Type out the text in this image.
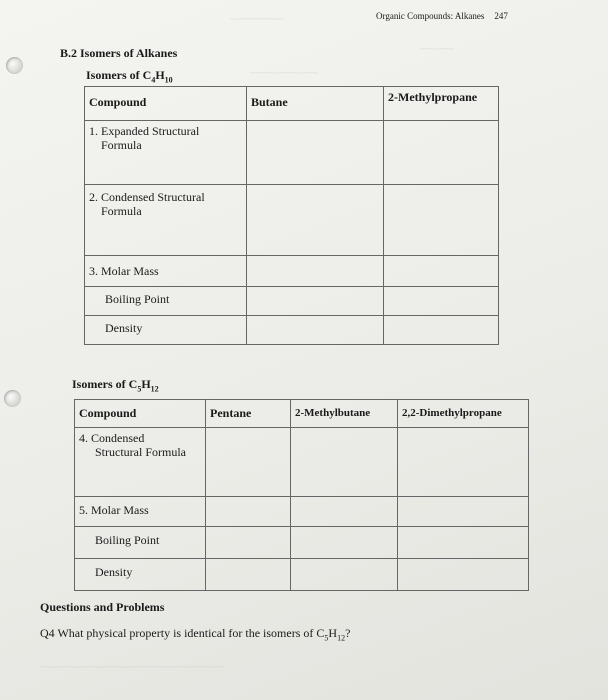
Organic Compounds: Alkanes 247
~~~~~~~~~~~
~~~~~~~~~~~~~~
~~~~~~~
B.2 Isomers of Alkanes
Isomers of $C_4H_{10}$
Compound	Butane	2-Methylpropane
1. Expanded Structural
Formula		

2. Condensed Structural
Formula		

3. Molar Mass		
Boiling Point		
Density		
Isomers of $C_5H_{12}$
Compound	Pentane	2-Methylbutane	2,2-Dimethylpropane
4. Condensed
Structural Formula			

5. Molar Mass			
Boiling Point			
Density			
Questions and Problems
Q4 What physical property is identical for the isomers of $C_5H_{12}$?
~~~~~~~~~~~~~~~~~~~~~~~~~~~~~~~~~~~~~~
